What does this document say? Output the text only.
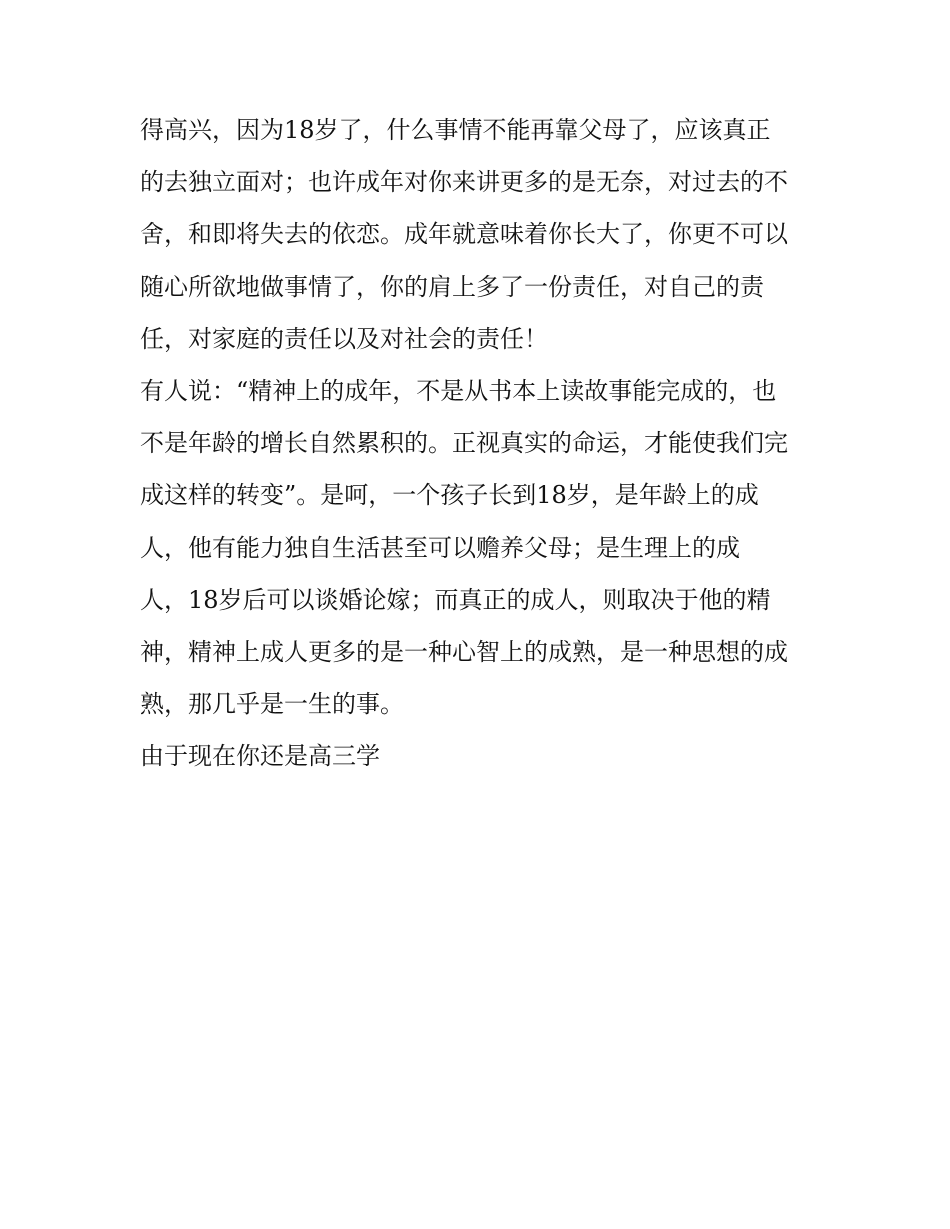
得高兴，因为18岁了，什么事情不能再靠父母了，应该真正
的去独立面对；也许成年对你来讲更多的是无奈，对过去的不
舍，和即将失去的依恋。成年就意味着你长大了，你更不可以
随心所欲地做事情了，你的肩上多了一份责任，对自己的责
任，对家庭的责任以及对社会的责任！
有人说：“精神上的成年，不是从书本上读故事能完成的，也
不是年龄的增长自然累积的。正视真实的命运，才能使我们完
成这样的转变”。是呵，一个孩子长到18岁，是年龄上的成
人，他有能力独自生活甚至可以赡养父母；是生理上的成
人，18岁后可以谈婚论嫁；而真正的成人，则取决于他的精
神，精神上成人更多的是一种心智上的成熟，是一种思想的成
熟，那几乎是一生的事。
由于现在你还是高三学
